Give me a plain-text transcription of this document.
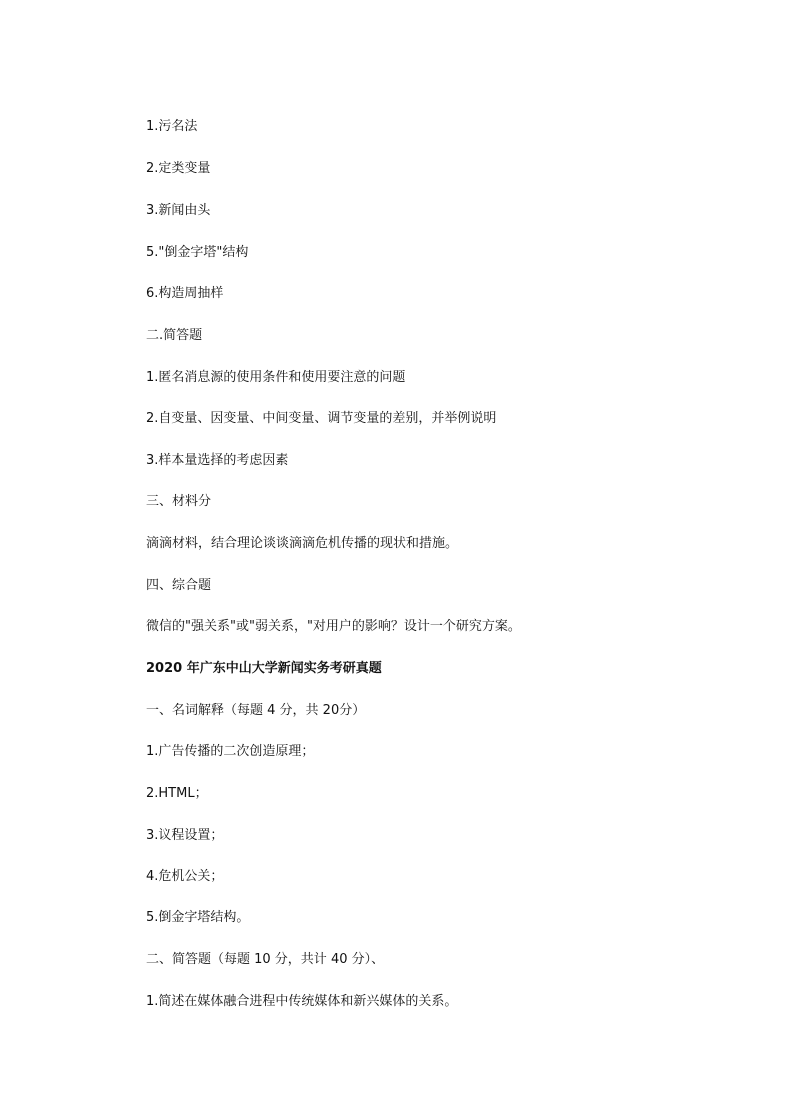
1.污名法
2.定类变量
3.新闻由头
5."倒金字塔"结构
6.构造周抽样
二.简答题
1.匿名消息源的使用条件和使用要注意的问题
2.自变量、因变量、中间变量、调节变量的差别，并举例说明
3.样本量选择的考虑因素
三、材料分
滴滴材料，结合理论谈谈滴滴危机传播的现状和措施。
四、综合题
微信的"强关系"或"弱关系，"对用户的影响？设计一个研究方案。
2020 年广东中山大学新闻实务考研真题
一、名词解释（每题 4 分，共 20分）
1.广告传播的二次创造原理；
2.HTML；
3.议程设置；
4.危机公关；
5.倒金字塔结构。
二、简答题（每题 10 分，共计 40 分）、
1.简述在媒体融合进程中传统媒体和新兴媒体的关系。
